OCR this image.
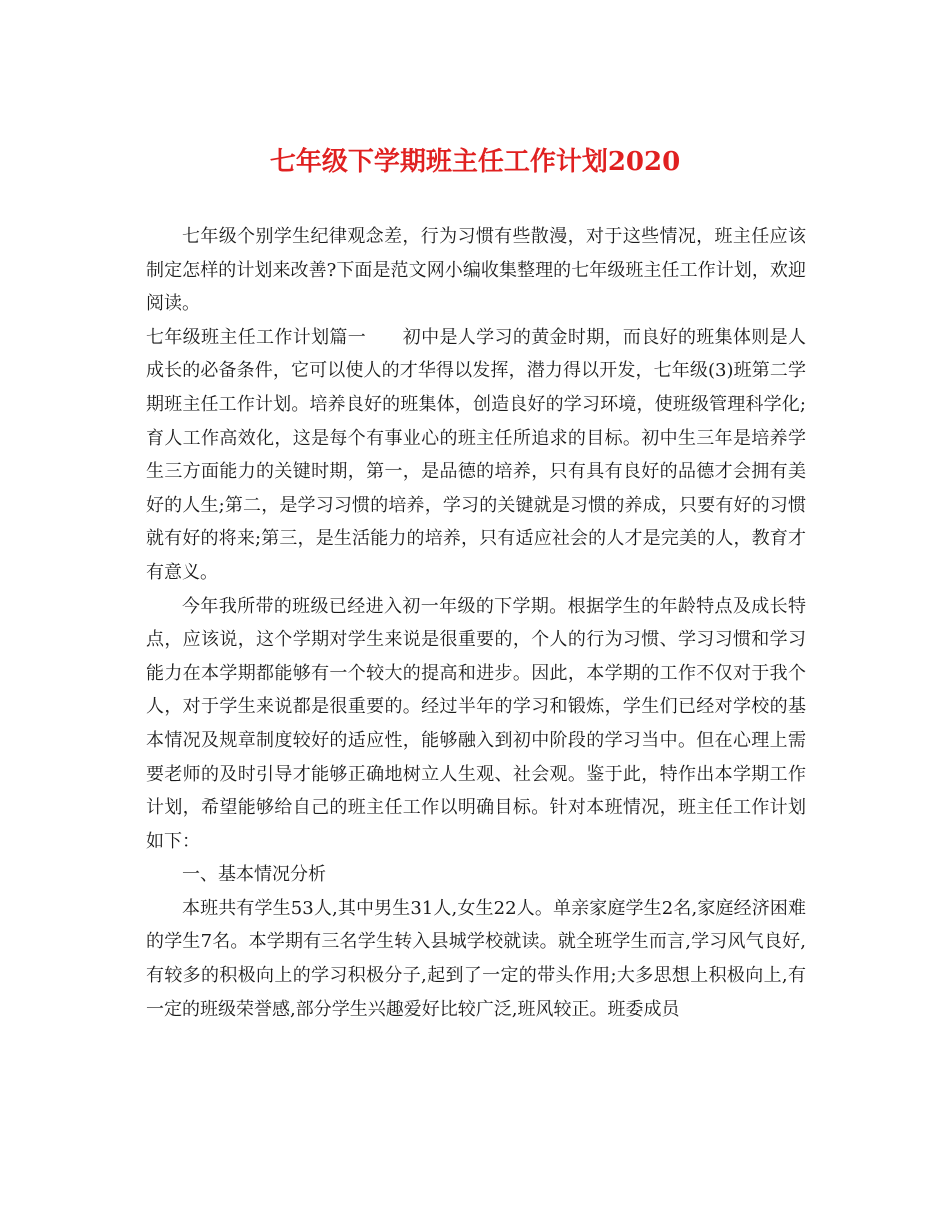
七年级下学期班主任工作计划2020

七年级个别学生纪律观念差，行为习惯有些散漫，对于这些情况，班主任应该制定怎样的计划来改善?下面是范文网小编收集整理的七年级班主任工作计划，欢迎阅读。

七年级班主任工作计划篇一　　初中是人学习的黄金时期，而良好的班集体则是人成长的必备条件，它可以使人的才华得以发挥，潜力得以开发，七年级(3)班第二学期班主任工作计划。培养良好的班集体，创造良好的学习环境，使班级管理科学化;育人工作高效化，这是每个有事业心的班主任所追求的目标。初中生三年是培养学生三方面能力的关键时期，第一，是品德的培养，只有具有良好的品德才会拥有美好的人生;第二，是学习习惯的培养，学习的关键就是习惯的养成，只要有好的习惯就有好的将来;第三，是生活能力的培养，只有适应社会的人才是完美的人，教育才有意义。

今年我所带的班级已经进入初一年级的下学期。根据学生的年龄特点及成长特点，应该说，这个学期对学生来说是很重要的，个人的行为习惯、学习习惯和学习能力在本学期都能够有一个较大的提高和进步。因此，本学期的工作不仅对于我个人，对于学生来说都是很重要的。经过半年的学习和锻炼，学生们已经对学校的基本情况及规章制度较好的适应性，能够融入到初中阶段的学习当中。但在心理上需要老师的及时引导才能够正确地树立人生观、社会观。鉴于此，特作出本学期工作计划，希望能够给自己的班主任工作以明确目标。针对本班情况，班主任工作计划如下：

一、基本情况分析

本班共有学生53人,其中男生31人,女生22人。单亲家庭学生2名,家庭经济困难的学生7名。本学期有三名学生转入县城学校就读。就全班学生而言,学习风气良好,有较多的积极向上的学习积极分子,起到了一定的带头作用;大多思想上积极向上,有一定的班级荣誉感,部分学生兴趣爱好比较广泛,班风较正。班委成员
